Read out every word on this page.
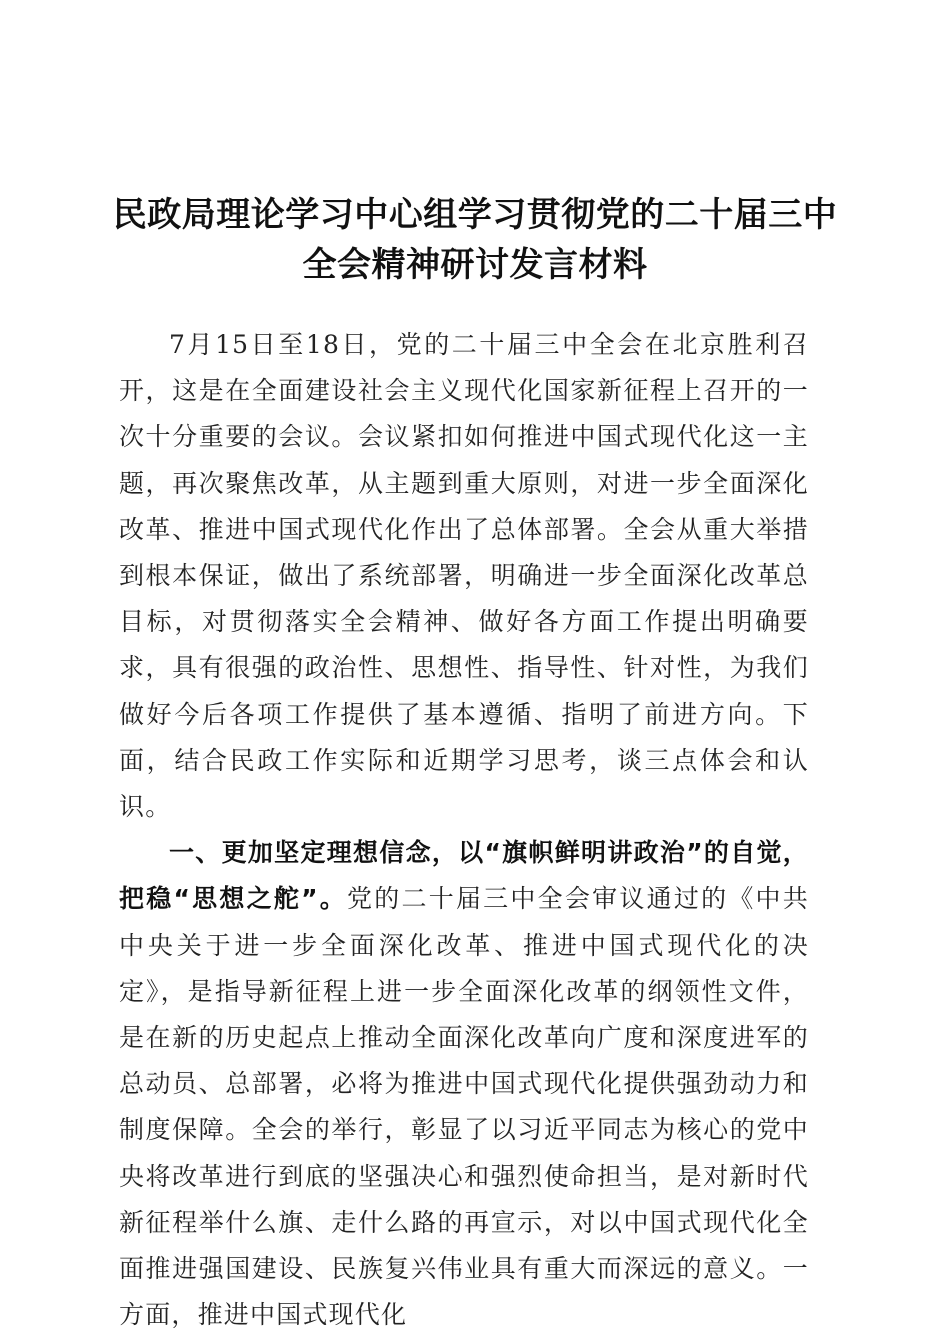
民政局理论学习中心组学习贯彻党的二十届三中全会精神研讨发言材料

7月15日至18日，党的二十届三中全会在北京胜利召开，这是在全面建设社会主义现代化国家新征程上召开的一次十分重要的会议。会议紧扣如何推进中国式现代化这一主题，再次聚焦改革，从主题到重大原则，对进一步全面深化改革、推进中国式现代化作出了总体部署。全会从重大举措到根本保证，做出了系统部署，明确进一步全面深化改革总目标，对贯彻落实全会精神、做好各方面工作提出明确要求，具有很强的政治性、思想性、指导性、针对性，为我们做好今后各项工作提供了基本遵循、指明了前进方向。下面，结合民政工作实际和近期学习思考，谈三点体会和认识。

一、更加坚定理想信念，以“旗帜鲜明讲政治”的自觉，把稳“思想之舵”。党的二十届三中全会审议通过的《中共中央关于进一步全面深化改革、推进中国式现代化的决定》，是指导新征程上进一步全面深化改革的纲领性文件，是在新的历史起点上推动全面深化改革向广度和深度进军的总动员、总部署，必将为推进中国式现代化提供强劲动力和制度保障。全会的举行，彰显了以习近平同志为核心的党中央将改革进行到底的坚强决心和强烈使命担当，是对新时代新征程举什么旗、走什么路的再宣示，对以中国式现代化全面推进强国建设、民族复兴伟业具有重大而深远的意义。一方面，推进中国式现代化
